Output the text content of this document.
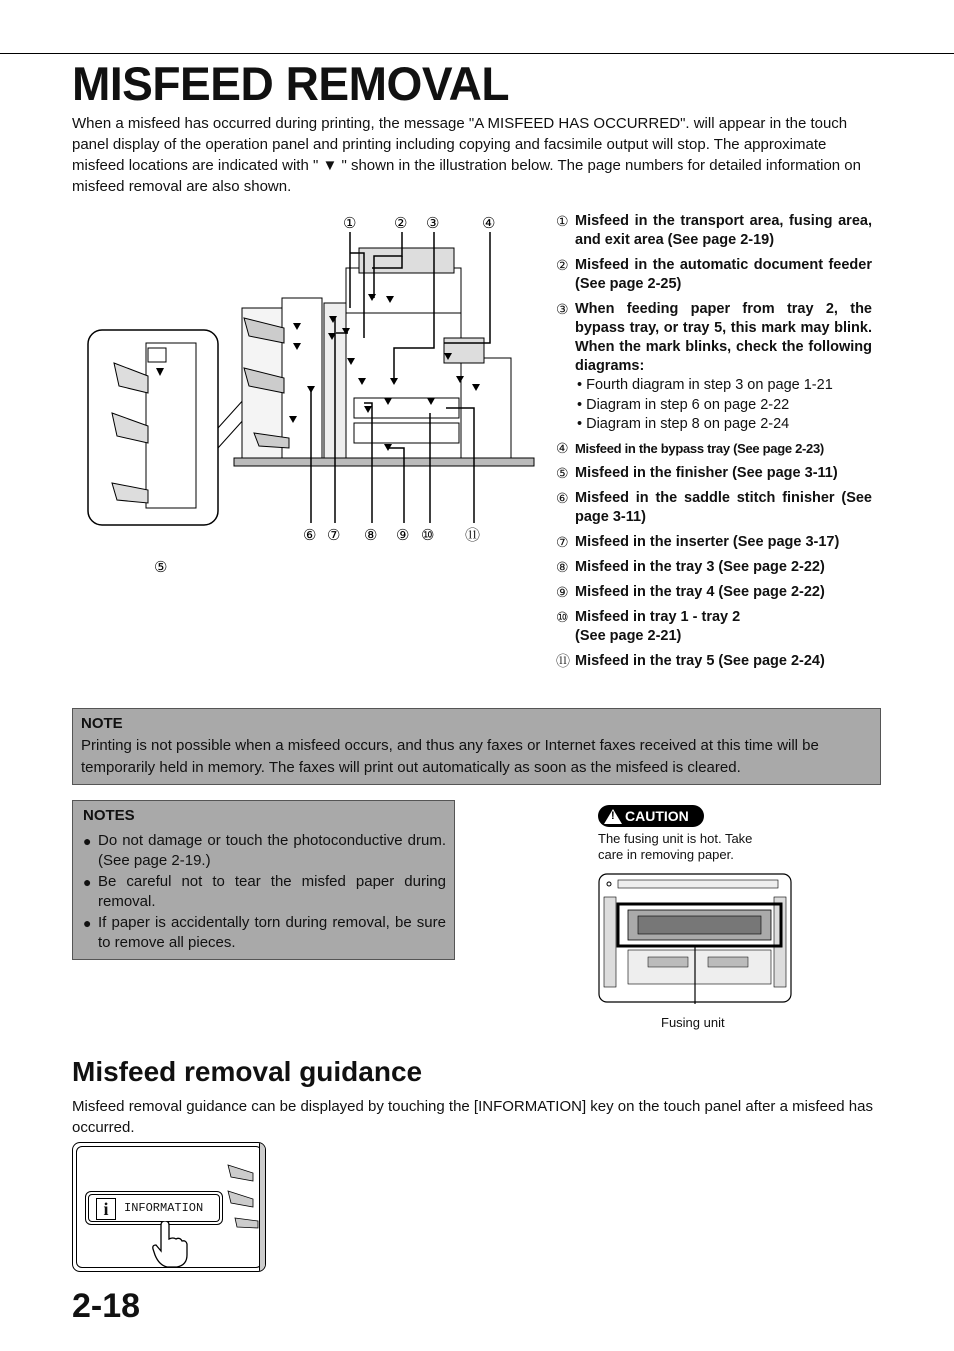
MISFEED REMOVAL
When a misfeed has occurred during printing, the message "A MISFEED HAS OCCURRED". will appear in the touch panel display of the operation panel and printing including copying and facsimile output will stop. The approximate misfeed locations are indicated with " ▼ " shown in the illustration below. The page numbers for detailed information on misfeed removal are also shown.
①	② ③	④
⑥ ⑦ ⑧ ⑨ ⑩ ⑪
⑤
① Misfeed in the transport area, fusing area, and exit area (See page 2-19)
② Misfeed in the automatic document feeder (See page 2-25)
③ When feeding paper from tray 2, the bypass tray, or tray 5, this mark may blink. When the mark blinks, check the following diagrams:
• Fourth diagram in step 3 on page 1-21
• Diagram in step 6 on page 2-22
• Diagram in step 8 on page 2-24
④ Misfeed in the bypass tray (See page 2-23)
⑤ Misfeed in the finisher (See page 3-11)
⑥ Misfeed in the saddle stitch finisher (See page 3-11)
⑦ Misfeed in the inserter (See page 3-17)
⑧ Misfeed in the tray 3 (See page 2-22)
⑨ Misfeed in the tray 4 (See page 2-22)
⑩ Misfeed in tray 1 - tray 2
(See page 2-21)
⑪ Misfeed in the tray 5 (See page 2-24)
NOTE
Printing is not possible when a misfeed occurs, and thus any faxes or Internet faxes received at this time will be temporarily held in memory. The faxes will print out automatically as soon as the misfeed is cleared.
NOTES
● Do not damage or touch the photoconductive drum. (See page 2-19.)
● Be careful not to tear the misfed paper during removal.
● If paper is accidentally torn during removal, be sure to remove all pieces.
!
CAUTION
The fusing unit is hot. Take care in removing paper.
Fusing unit
Misfeed removal guidance
Misfeed removal guidance can be displayed by touching the [INFORMATION] key on the touch panel after a misfeed has occurred.
i	INFORMATION
2-18
